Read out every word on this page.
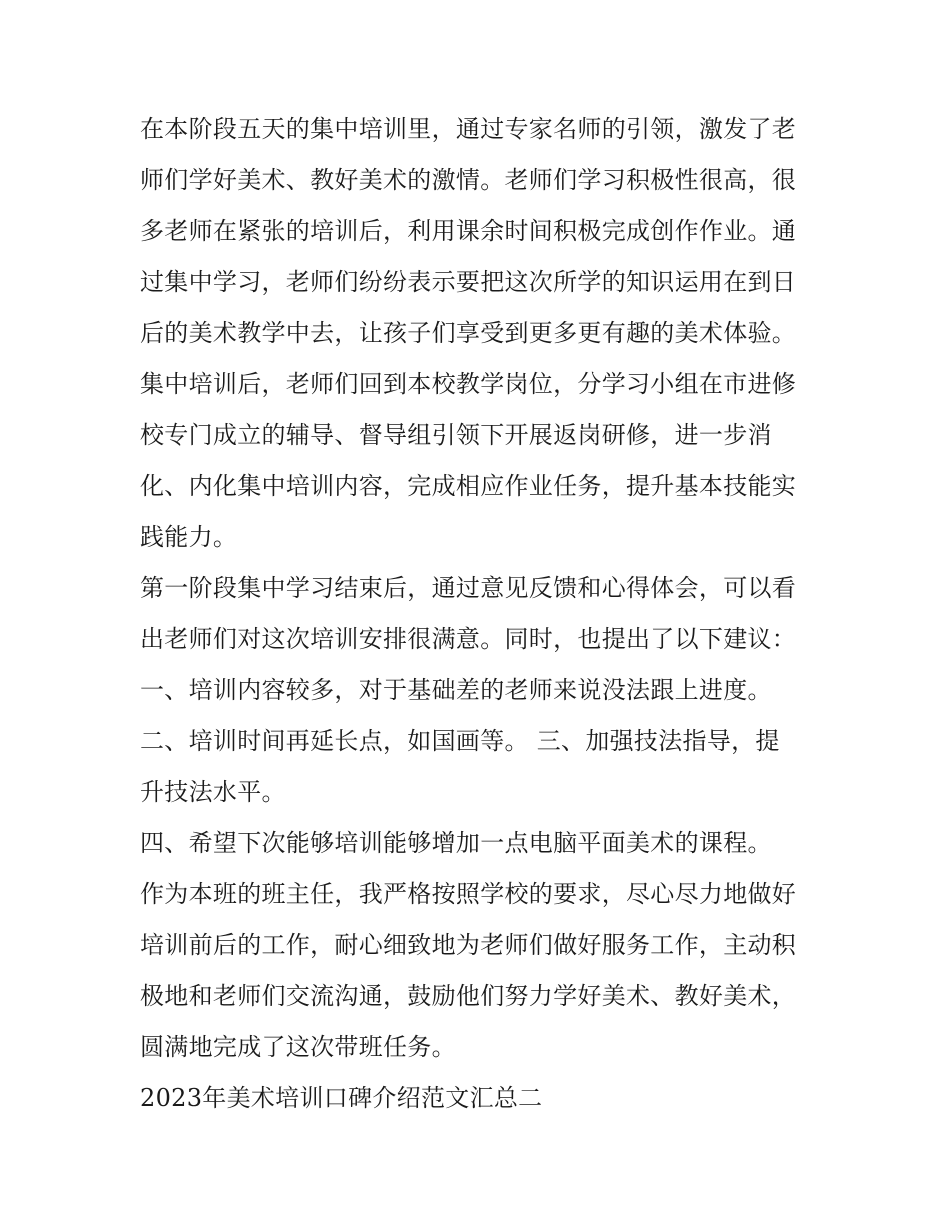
在本阶段五天的集中培训里，通过专家名师的引领，激发了老
师们学好美术、教好美术的激情。老师们学习积极性很高，很
多老师在紧张的培训后，利用课余时间积极完成创作作业。通
过集中学习，老师们纷纷表示要把这次所学的知识运用在到日
后的美术教学中去，让孩子们享受到更多更有趣的美术体验。
集中培训后，老师们回到本校教学岗位，分学习小组在市进修
校专门成立的辅导、督导组引领下开展返岗研修，进一步消
化、内化集中培训内容，完成相应作业任务，提升基本技能实
践能力。
第一阶段集中学习结束后，通过意见反馈和心得体会，可以看
出老师们对这次培训安排很满意。同时，也提出了以下建议：
一、培训内容较多，对于基础差的老师来说没法跟上进度。
二、培训时间再延长点，如国画等。 三、加强技法指导，提
升技法水平。
四、希望下次能够培训能够增加一点电脑平面美术的课程。
作为本班的班主任，我严格按照学校的要求，尽心尽力地做好
培训前后的工作，耐心细致地为老师们做好服务工作，主动积
极地和老师们交流沟通，鼓励他们努力学好美术、教好美术，
圆满地完成了这次带班任务。
2023年美术培训口碑介绍范文汇总二
